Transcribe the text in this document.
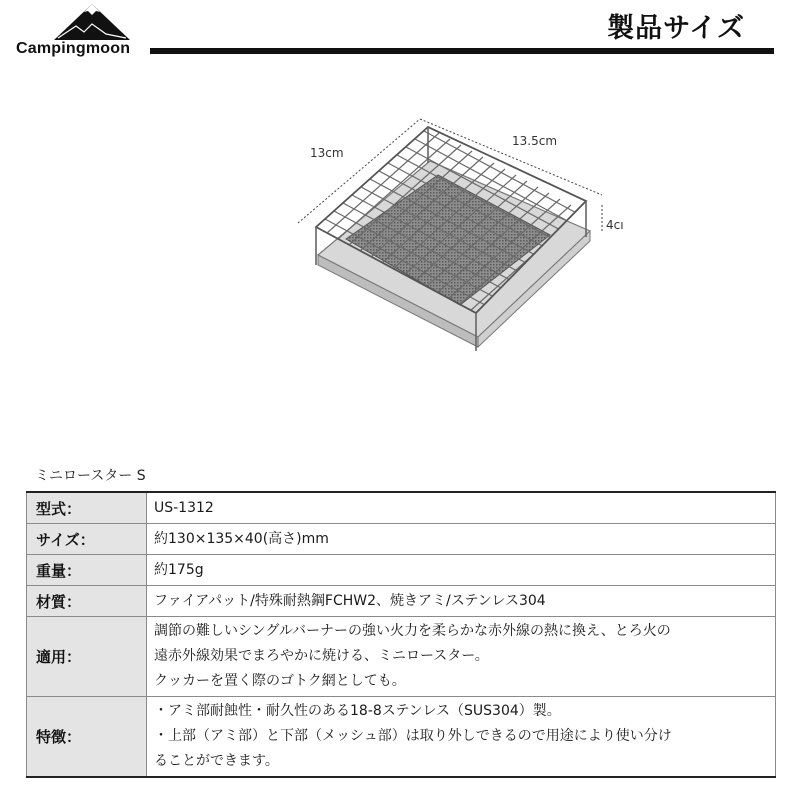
Campingmoon
製品サイズ
13cm
13.5cm
4cı
ミニロースター S
型式：	US-1312

サイズ：	約130×135×40(高さ)mm

重量：	約175g

材質：	ファイアパット/特殊耐熱鋼FCHW2、焼きアミ/ステンレス304

適用：	調節の難しいシングルバーナーの強い火力を柔らかな赤外線の熱に換え、とろ火の
遠赤外線効果でまろやかに焼ける、ミニロースター。
クッカーを置く際のゴトク網としても。

特徴：	・アミ部耐蝕性・耐久性のある18-8ステンレス（SUS304）製。
・上部（アミ部）と下部（メッシュ部）は取り外しできるので用途により使い分け
ることができます。
